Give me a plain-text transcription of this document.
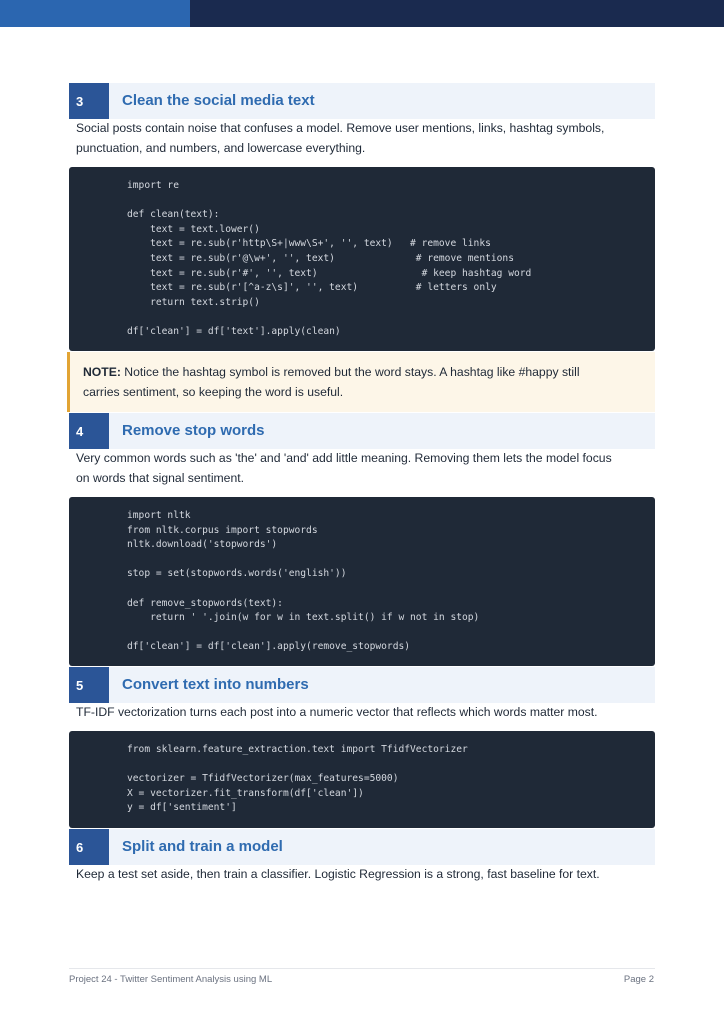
3	Clean the social media text
Social posts contain noise that confuses a model. Remove user mentions, links, hashtag symbols,
punctuation, and numbers, and lowercase everything.
import re
def clean(text):
text = text.lower()
text = re.sub(r'http\S+|www\S+', '', text)   # remove links
text = re.sub(r'@\w+', '', text)              # remove mentions
text = re.sub(r'#', '', text)                  # keep hashtag word
text = re.sub(r'[^a-z\s]', '', text)          # letters only
return text.strip()
df['clean'] = df['text'].apply(clean)
NOTE: Notice the hashtag symbol is removed but the word stays. A hashtag like #happy still
carries sentiment, so keeping the word is useful.
4	Remove stop words
Very common words such as 'the' and 'and' add little meaning. Removing them lets the model focus
on words that signal sentiment.
import nltk
from nltk.corpus import stopwords
nltk.download('stopwords')
stop = set(stopwords.words('english'))
def remove_stopwords(text):
return ' '.join(w for w in text.split() if w not in stop)
df['clean'] = df['clean'].apply(remove_stopwords)
5	Convert text into numbers
TF-IDF vectorization turns each post into a numeric vector that reflects which words matter most.
from sklearn.feature_extraction.text import TfidfVectorizer
vectorizer = TfidfVectorizer(max_features=5000)
X = vectorizer.fit_transform(df['clean'])
y = df['sentiment']
6	Split and train a model
Keep a test set aside, then train a classifier. Logistic Regression is a strong, fast baseline for text.
Project 24 - Twitter Sentiment Analysis using ML	Page 2
